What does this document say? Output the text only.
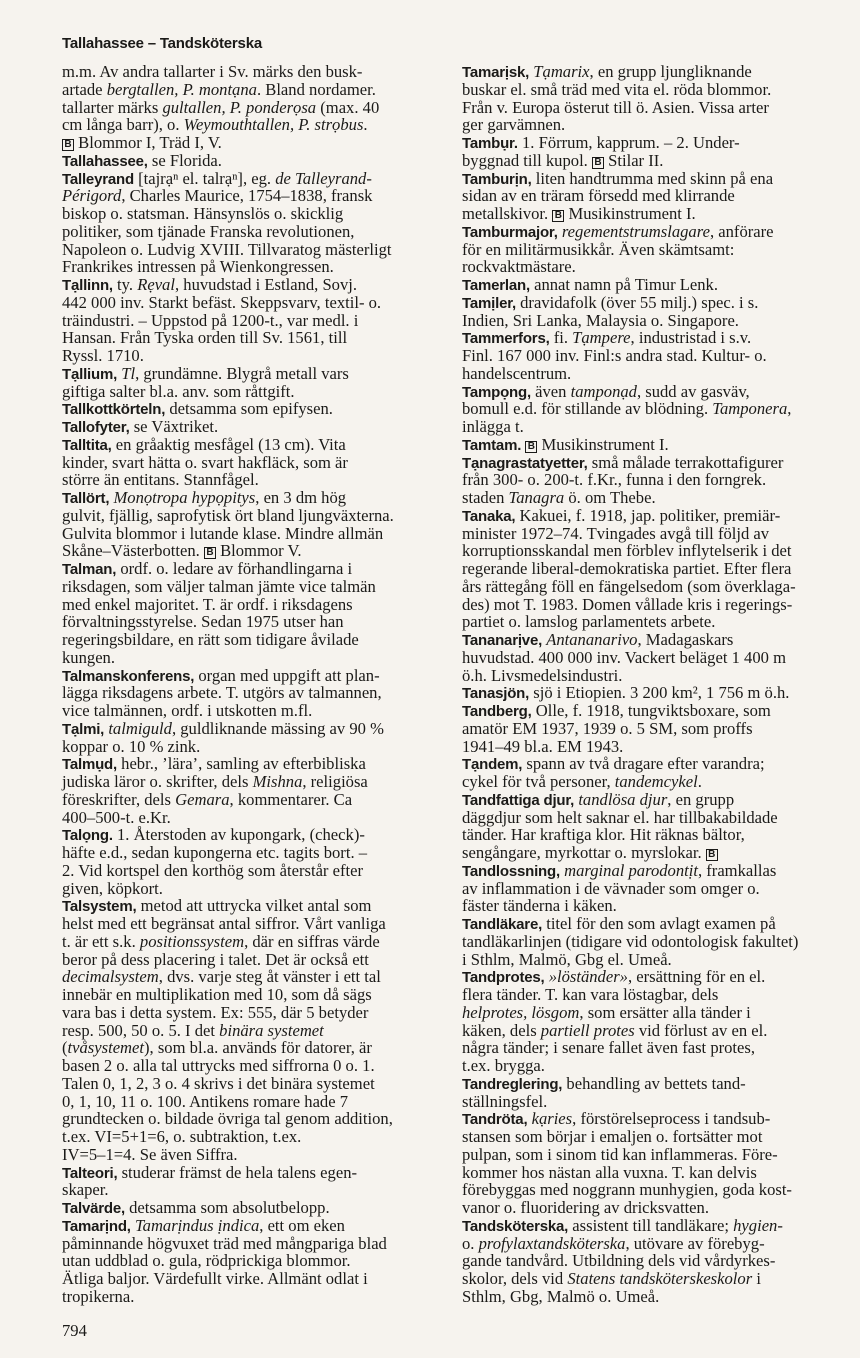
Tallahassee – Tandsköterska
m.m. Av andra tallarter i Sv. märks den busk-
artade bergtallen, P. montạna. Bland nordamer.
tallarter märks gultallen, P. ponderọsa (max. 40
cm långa barr), o. Weymouthtallen, P. strọbus.
B Blommor I, Träd I, V.
Tallahassee, se Florida.
Talleyrand [tajrạⁿ el. talrạⁿ], eg. de Talleyrand-
Périgord, Charles Maurice, 1754–1838, fransk
biskop o. statsman. Hänsynslös o. skicklig
politiker, som tjänade Franska revolutionen,
Napoleon o. Ludvig XVIII. Tillvaratog mästerligt
Frankrikes intressen på Wienkongressen.
Tạllinn, ty. Rẹval, huvudstad i Estland, Sovj.
442 000 inv. Starkt befäst. Skeppsvarv, textil- o.
träindustri. – Uppstod på 1200-t., var medl. i
Hansan. Från Tyska orden till Sv. 1561, till
Ryssl. 1710.
Tạllium, Tl, grundämne. Blygrå metall vars
giftiga salter bl.a. anv. som råttgift.
Tallkottkörteln, detsamma som epifysen.
Tallofyter, se Växtriket.
Talltita, en gråaktig mesfågel (13 cm). Vita
kinder, svart hätta o. svart hakfläck, som är
större än entitans. Stannfågel.
Tallört, Monọtropa hypọpitys, en 3 dm hög
gulvit, fjällig, saprofytisk ört bland ljungväxterna.
Gulvita blommor i lutande klase. Mindre allmän
Skåne–Västerbotten. B Blommor V.
Talman, ordf. o. ledare av förhandlingarna i
riksdagen, som väljer talman jämte vice talmän
med enkel majoritet. T. är ordf. i riksdagens
förvaltningsstyrelse. Sedan 1975 utser han
regeringsbildare, en rätt som tidigare åvilade
kungen.
Talmanskonferens, organ med uppgift att plan-
lägga riksdagens arbete. T. utgörs av talmannen,
vice talmännen, ordf. i utskotten m.fl.
Tạlmi, talmiguld, guldliknande mässing av 90 %
koppar o. 10 % zink.
Talmụd, hebr., ’lära’, samling av efterbibliska
judiska läror o. skrifter, dels Mishna, religiösa
föreskrifter, dels Gemara, kommentarer. Ca
400–500-t. e.Kr.
Talọng. 1. Återstoden av kupongark, (check)-
häfte e.d., sedan kupongerna etc. tagits bort. –
2. Vid kortspel den korthög som återstår efter
given, köpkort.
Talsystem, metod att uttrycka vilket antal som
helst med ett begränsat antal siffror. Vårt vanliga
t. är ett s.k. positionssystem, där en siffras värde
beror på dess placering i talet. Det är också ett
decimalsystem, dvs. varje steg åt vänster i ett tal
innebär en multiplikation med 10, som då sägs
vara bas i detta system. Ex: 555, där 5 betyder
resp. 500, 50 o. 5. I det binära systemet
(tvåsystemet), som bl.a. används för datorer, är
basen 2 o. alla tal uttrycks med siffrorna 0 o. 1.
Talen 0, 1, 2, 3 o. 4 skrivs i det binära systemet
0, 1, 10, 11 o. 100. Antikens romare hade 7
grundtecken o. bildade övriga tal genom addition,
t.ex. VI=5+1=6, o. subtraktion, t.ex.
IV=5–1=4. Se även Siffra.
Talteori, studerar främst de hela talens egen-
skaper.
Talvärde, detsamma som absolutbelopp.
Tamarịnd, Tamarịndus ịndica, ett om eken
påminnande högvuxet träd med mångpariga blad
utan uddblad o. gula, rödprickiga blommor.
Ätliga baljor. Värdefullt virke. Allmänt odlat i
tropikerna.
Tamarịsk, Tạmarix, en grupp ljungliknande
buskar el. små träd med vita el. röda blommor.
Från v. Europa österut till ö. Asien. Vissa arter
ger garvämnen.
Tambụr. 1. Förrum, kapprum. – 2. Under-
byggnad till kupol. B Stilar II.
Tamburịn, liten handtrumma med skinn på ena
sidan av en träram försedd med klirrande
metallskivor. B Musikinstrument I.
Tamburmajor, regementstrumslagare, anförare
för en militärmusikkår. Även skämtsamt:
rockvaktmästare.
Tamerlan, annat namn på Timur Lenk.
Tamịler, dravidafolk (över 55 milj.) spec. i s.
Indien, Sri Lanka, Malaysia o. Singapore.
Tammerfors, fi. Tạmpere, industristad i s.v.
Finl. 167 000 inv. Finl:s andra stad. Kultur- o.
handelscentrum.
Tampọng, även tamponạd, sudd av gasväv,
bomull e.d. för stillande av blödning. Tamponera,
inlägga t.
Tamtam. B Musikinstrument I.
Tạnagrastatyetter, små målade terrakottafigurer
från 300- o. 200-t. f.Kr., funna i den forngrek.
staden Tanagra ö. om Thebe.
Tanaka, Kakuei, f. 1918, jap. politiker, premiär-
minister 1972–74. Tvingades avgå till följd av
korruptionsskandal men förblev inflytelserik i det
regerande liberal-demokratiska partiet. Efter flera
års rättegång föll en fängelsedom (som överklaga-
des) mot T. 1983. Domen vållade kris i regerings-
partiet o. lamslog parlamentets arbete.
Tananarịve, Antananarivo, Madagaskars
huvudstad. 400 000 inv. Vackert beläget 1 400 m
ö.h. Livsmedelsindustri.
Tanasjön, sjö i Etiopien. 3 200 km², 1 756 m ö.h.
Tandberg, Olle, f. 1918, tungviktsboxare, som
amatör EM 1937, 1939 o. 5 SM, som proffs
1941–49 bl.a. EM 1943.
Tạndem, spann av två dragare efter varandra;
cykel för två personer, tandemcykel.
Tandfattiga djur, tandlösa djur, en grupp
däggdjur som helt saknar el. har tillbakabildade
tänder. Har kraftiga klor. Hit räknas bältor,
sengångare, myrkottar o. myrslokar. B
Tandlossning, marginal parodontịt, framkallas
av inflammation i de vävnader som omger o.
fäster tänderna i käken.
Tandläkare, titel för den som avlagt examen på
tandläkarlinjen (tidigare vid odontologisk fakultet)
i Sthlm, Malmö, Gbg el. Umeå.
Tandprotes, »löständer», ersättning för en el.
flera tänder. T. kan vara löstagbar, dels
helprotes, lösgom, som ersätter alla tänder i
käken, dels partiell protes vid förlust av en el.
några tänder; i senare fallet även fast protes,
t.ex. brygga.
Tandreglering, behandling av bettets tand-
ställningsfel.
Tandröta, kạries, förstörelseprocess i tandsub-
stansen som börjar i emaljen o. fortsätter mot
pulpan, som i sinom tid kan inflammeras. Före-
kommer hos nästan alla vuxna. T. kan delvis
förebyggas med noggrann munhygien, goda kost-
vanor o. fluoridering av dricksvatten.
Tandsköterska, assistent till tandläkare; hygien-
o. profylaxtandsköterska, utövare av förebyg-
gande tandvård. Utbildning dels vid vårdyrkes-
skolor, dels vid Statens tandsköterskeskolor i
Sthlm, Gbg, Malmö o. Umeå.
794
